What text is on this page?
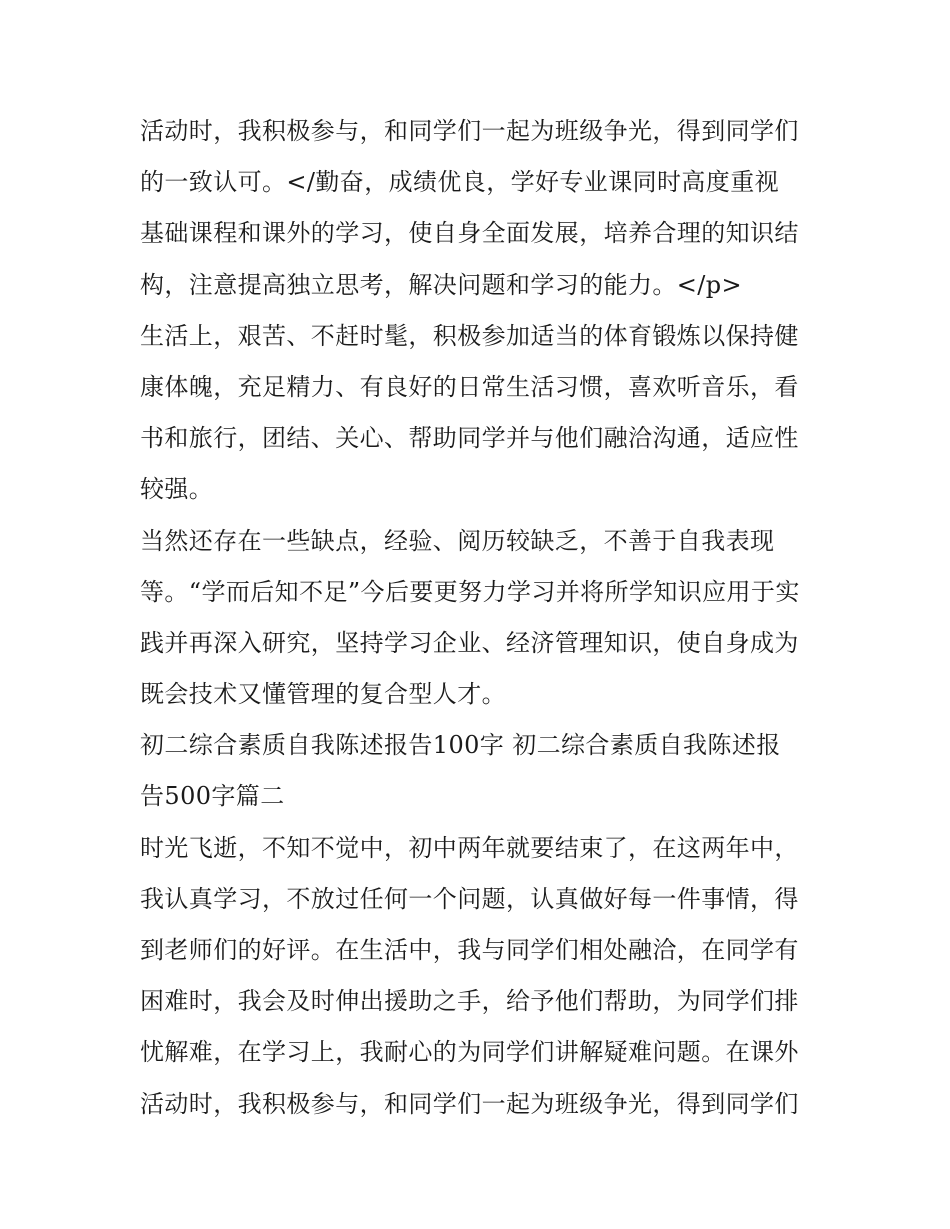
活动时，我积极参与，和同学们一起为班级争光，得到同学们
的一致认可。</勤奋，成绩优良，学好专业课同时高度重视
基础课程和课外的学习，使自身全面发展，培养合理的知识结
构，注意提高独立思考，解决问题和学习的能力。</p>
生活上，艰苦、不赶时髦，积极参加适当的体育锻炼以保持健
康体魄，充足精力、有良好的日常生活习惯，喜欢听音乐，看
书和旅行，团结、关心、帮助同学并与他们融洽沟通，适应性
较强。
当然还存在一些缺点，经验、阅历较缺乏，不善于自我表现
等。“学而后知不足”今后要更努力学习并将所学知识应用于实
践并再深入研究，坚持学习企业、经济管理知识，使自身成为
既会技术又懂管理的复合型人才。
初二综合素质自我陈述报告100字 初二综合素质自我陈述报
告500字篇二
时光飞逝，不知不觉中，初中两年就要结束了，在这两年中，
我认真学习，不放过任何一个问题，认真做好每一件事情，得
到老师们的好评。在生活中，我与同学们相处融洽，在同学有
困难时，我会及时伸出援助之手，给予他们帮助，为同学们排
忧解难，在学习上，我耐心的为同学们讲解疑难问题。在课外
活动时，我积极参与，和同学们一起为班级争光，得到同学们
